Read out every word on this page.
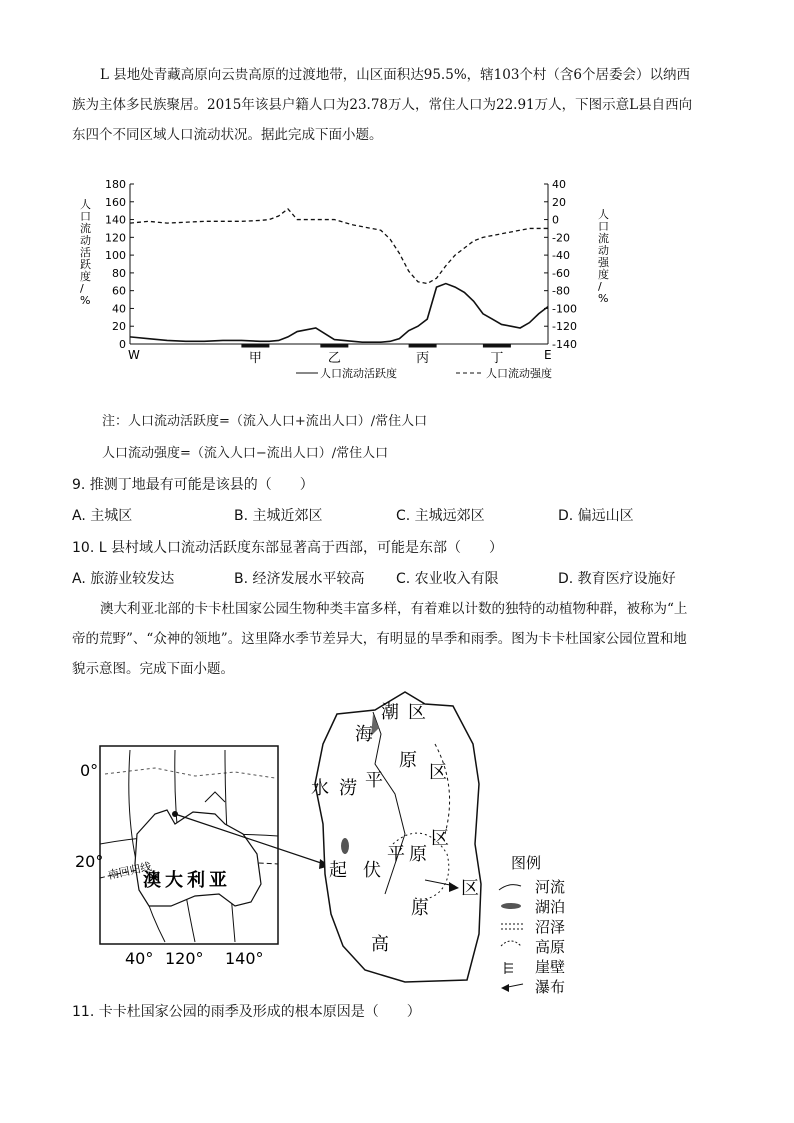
L 县地处青藏高原向云贵高原的过渡地带，山区面积达95.5%，辖103个村（含6个居委会）以纳西
族为主体多民族聚居。2015年该县户籍人口为23.78万人，常住人口为22.91万人，下图示意L县自西向
东四个不同区域人口流动状况。据此完成下面小题。
0
20
40
60
80
100
120
140
160
180	40
20
0
-20
-40
-60
-80
-100
-120
-140
人口流动活跃度/ %
人口流动强度/ %
W	E
甲	乙	丙	丁
人口流动活跃度	人口流动强度
注：人口流动活跃度=（流入人口+流出人口）/常住人口
人口流动强度=（流入人口−流出人口）/常住人口
9. 推测丁地最有可能是该县的（　　）
A. 主城区	B. 主城近郊区	C. 主城远郊区	D. 偏远山区
10. L 县村域人口流动活跃度东部显著高于西部，可能是东部（　　）
A. 旅游业较发达	B. 经济发展水平较高 C. 农业收入有限	D. 教育医疗设施好
澳大利亚北部的卡卡杜国家公园生物种类丰富多样，有着难以计数的独特的动植物种群，被称为“上
帝的荒野”、“众神的领地”。这里降水季节差异大，有明显的旱季和雨季。图为卡卡杜国家公园位置和地
貌示意图。完成下面小题。
0°
20° 南回归线
澳大利亚
40° 120° 140°
潮 区
海
水 涝 平
原
区
区
起 伏
平 原
区
原
高
图例
河流
湖泊
沼泽
高原
崖壁
瀑布
11. 卡卡杜国家公园的雨季及形成的根本原因是（　　）
